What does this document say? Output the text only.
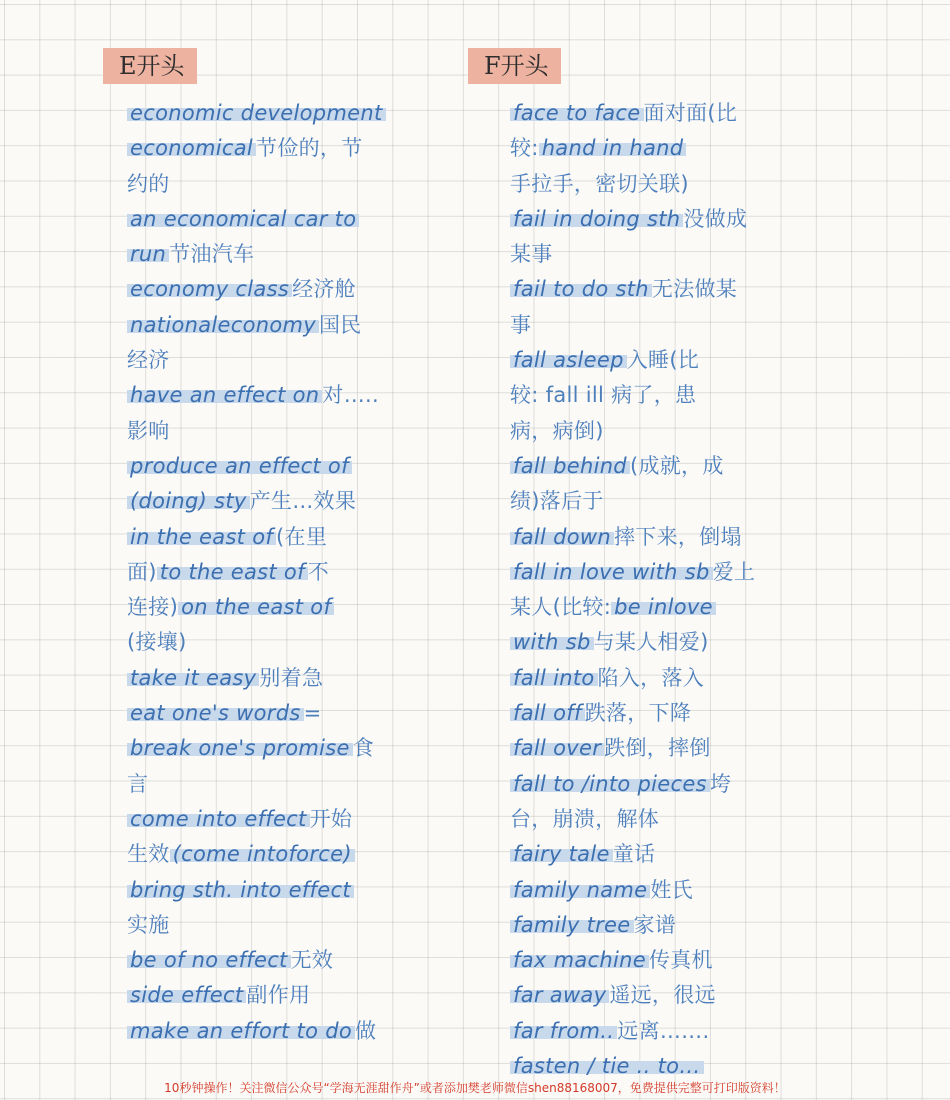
E开头
economic development
economical 节俭的，节
约的
an economical car to
run 节油汽车
economy class 经济舱
nationaleconomy 国民
经济
have an effect on 对…..
影响
produce an effect of
(doing) sty 产生…效果
in the east of (在里
面) to the east of 不
连接) on the east of
(接壤)
take it easy 别着急
eat one's words =
break one's promise 食
言
come into effect 开始
生效 (come intoforce)
bring sth. into effect
实施
be of no effect 无效
side effect 副作用
make an effort to do 做
F开头
face to face 面对面(比
较: hand in hand
手拉手，密切关联)
fail in doing sth 没做成
某事
fail to do sth 无法做某
事
fall asleep 入睡(比
较: fall ill 病了，患
病，病倒)
fall behind (成就，成
绩)落后于
fall down 摔下来，倒塌
fall in love with sb 爱上
某人(比较: be inlove
with sb 与某人相爱)
fall into 陷入，落入
fall off 跌落，下降
fall over 跌倒，摔倒
fall to /into pieces 垮
台，崩溃，解体
fairy tale 童话
family name 姓氏
family tree 家谱
fax machine 传真机
far away 遥远，很远
far from.. 远离…….
fasten / tie .. to…
10秒钟操作！关注微信公众号“学海无涯甜作舟”或者添加樊老师微信shen88168007，免费提供完整可打印版资料！
